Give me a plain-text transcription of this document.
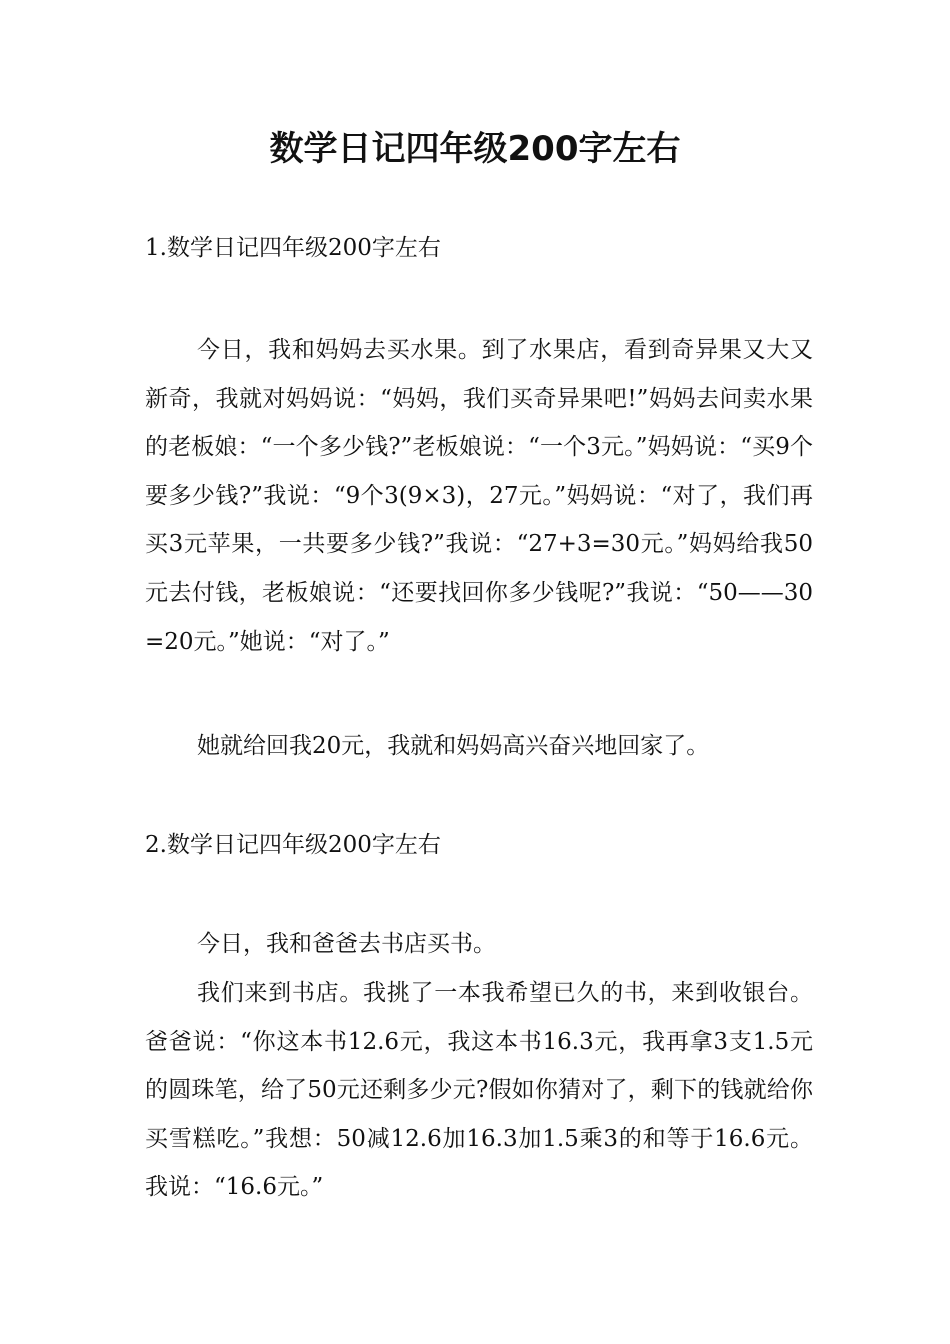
数学日记四年级200字左右
1.数学日记四年级200字左右

今日，我和妈妈去买水果。到了水果店，看到奇异果又大又新奇，我就对妈妈说：“妈妈，我们买奇异果吧!”妈妈去问卖水果的老板娘：“一个多少钱?”老板娘说：“一个3元。”妈妈说：“买9个要多少钱?”我说：“9个3(9×3)，27元。”妈妈说：“对了，我们再买3元苹果，一共要多少钱?”我说：“27+3=30元。”妈妈给我50元去付钱，老板娘说：“还要找回你多少钱呢?”我说：“50——30=20元。”她说：“对了。”

她就给回我20元，我就和妈妈高兴奋兴地回家了。

2.数学日记四年级200字左右

今日，我和爸爸去书店买书。

我们来到书店。我挑了一本我希望已久的书，来到收银台。爸爸说：“你这本书12.6元，我这本书16.3元，我再拿3支1.5元的圆珠笔，给了50元还剩多少元?假如你猜对了，剩下的钱就给你买雪糕吃。”我想：50减12.6加16.3加1.5乘3的和等于16.6元。我说：“16.6元。”
